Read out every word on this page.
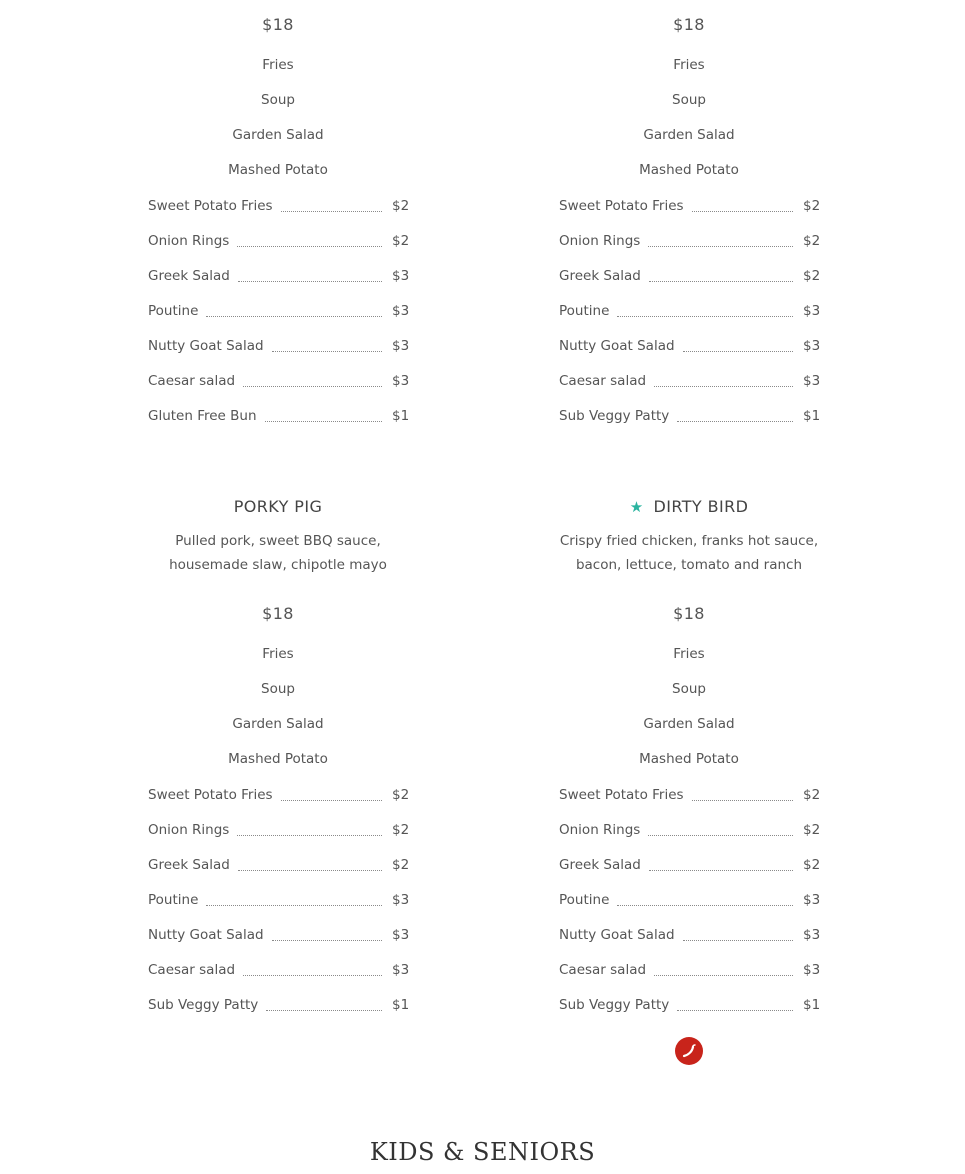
$18
Fries
Soup
Garden Salad
Mashed Potato
Sweet Potato Fries	$2
Onion Rings	$2
Greek Salad	$3
Poutine	$3
Nutty Goat Salad	$3
Caesar salad	$3
Gluten Free Bun	$1
$18
Fries
Soup
Garden Salad
Mashed Potato
Sweet Potato Fries	$2
Onion Rings	$2
Greek Salad	$2
Poutine	$3
Nutty Goat Salad	$3
Caesar salad	$3
Sub Veggy Patty	$1
PORKY PIG
Pulled pork, sweet BBQ sauce, housemade slaw, chipotle mayo
$18
Fries
Soup
Garden Salad
Mashed Potato
Sweet Potato Fries	$2
Onion Rings	$2
Greek Salad	$2
Poutine	$3
Nutty Goat Salad	$3
Caesar salad	$3
Sub Veggy Patty	$1
★ DIRTY BIRD
Crispy fried chicken, franks hot sauce, bacon, lettuce, tomato and ranch
$18
Fries
Soup
Garden Salad
Mashed Potato
Sweet Potato Fries	$2
Onion Rings	$2
Greek Salad	$2
Poutine	$3
Nutty Goat Salad	$3
Caesar salad	$3
Sub Veggy Patty	$1
KIDS & SENIORS
